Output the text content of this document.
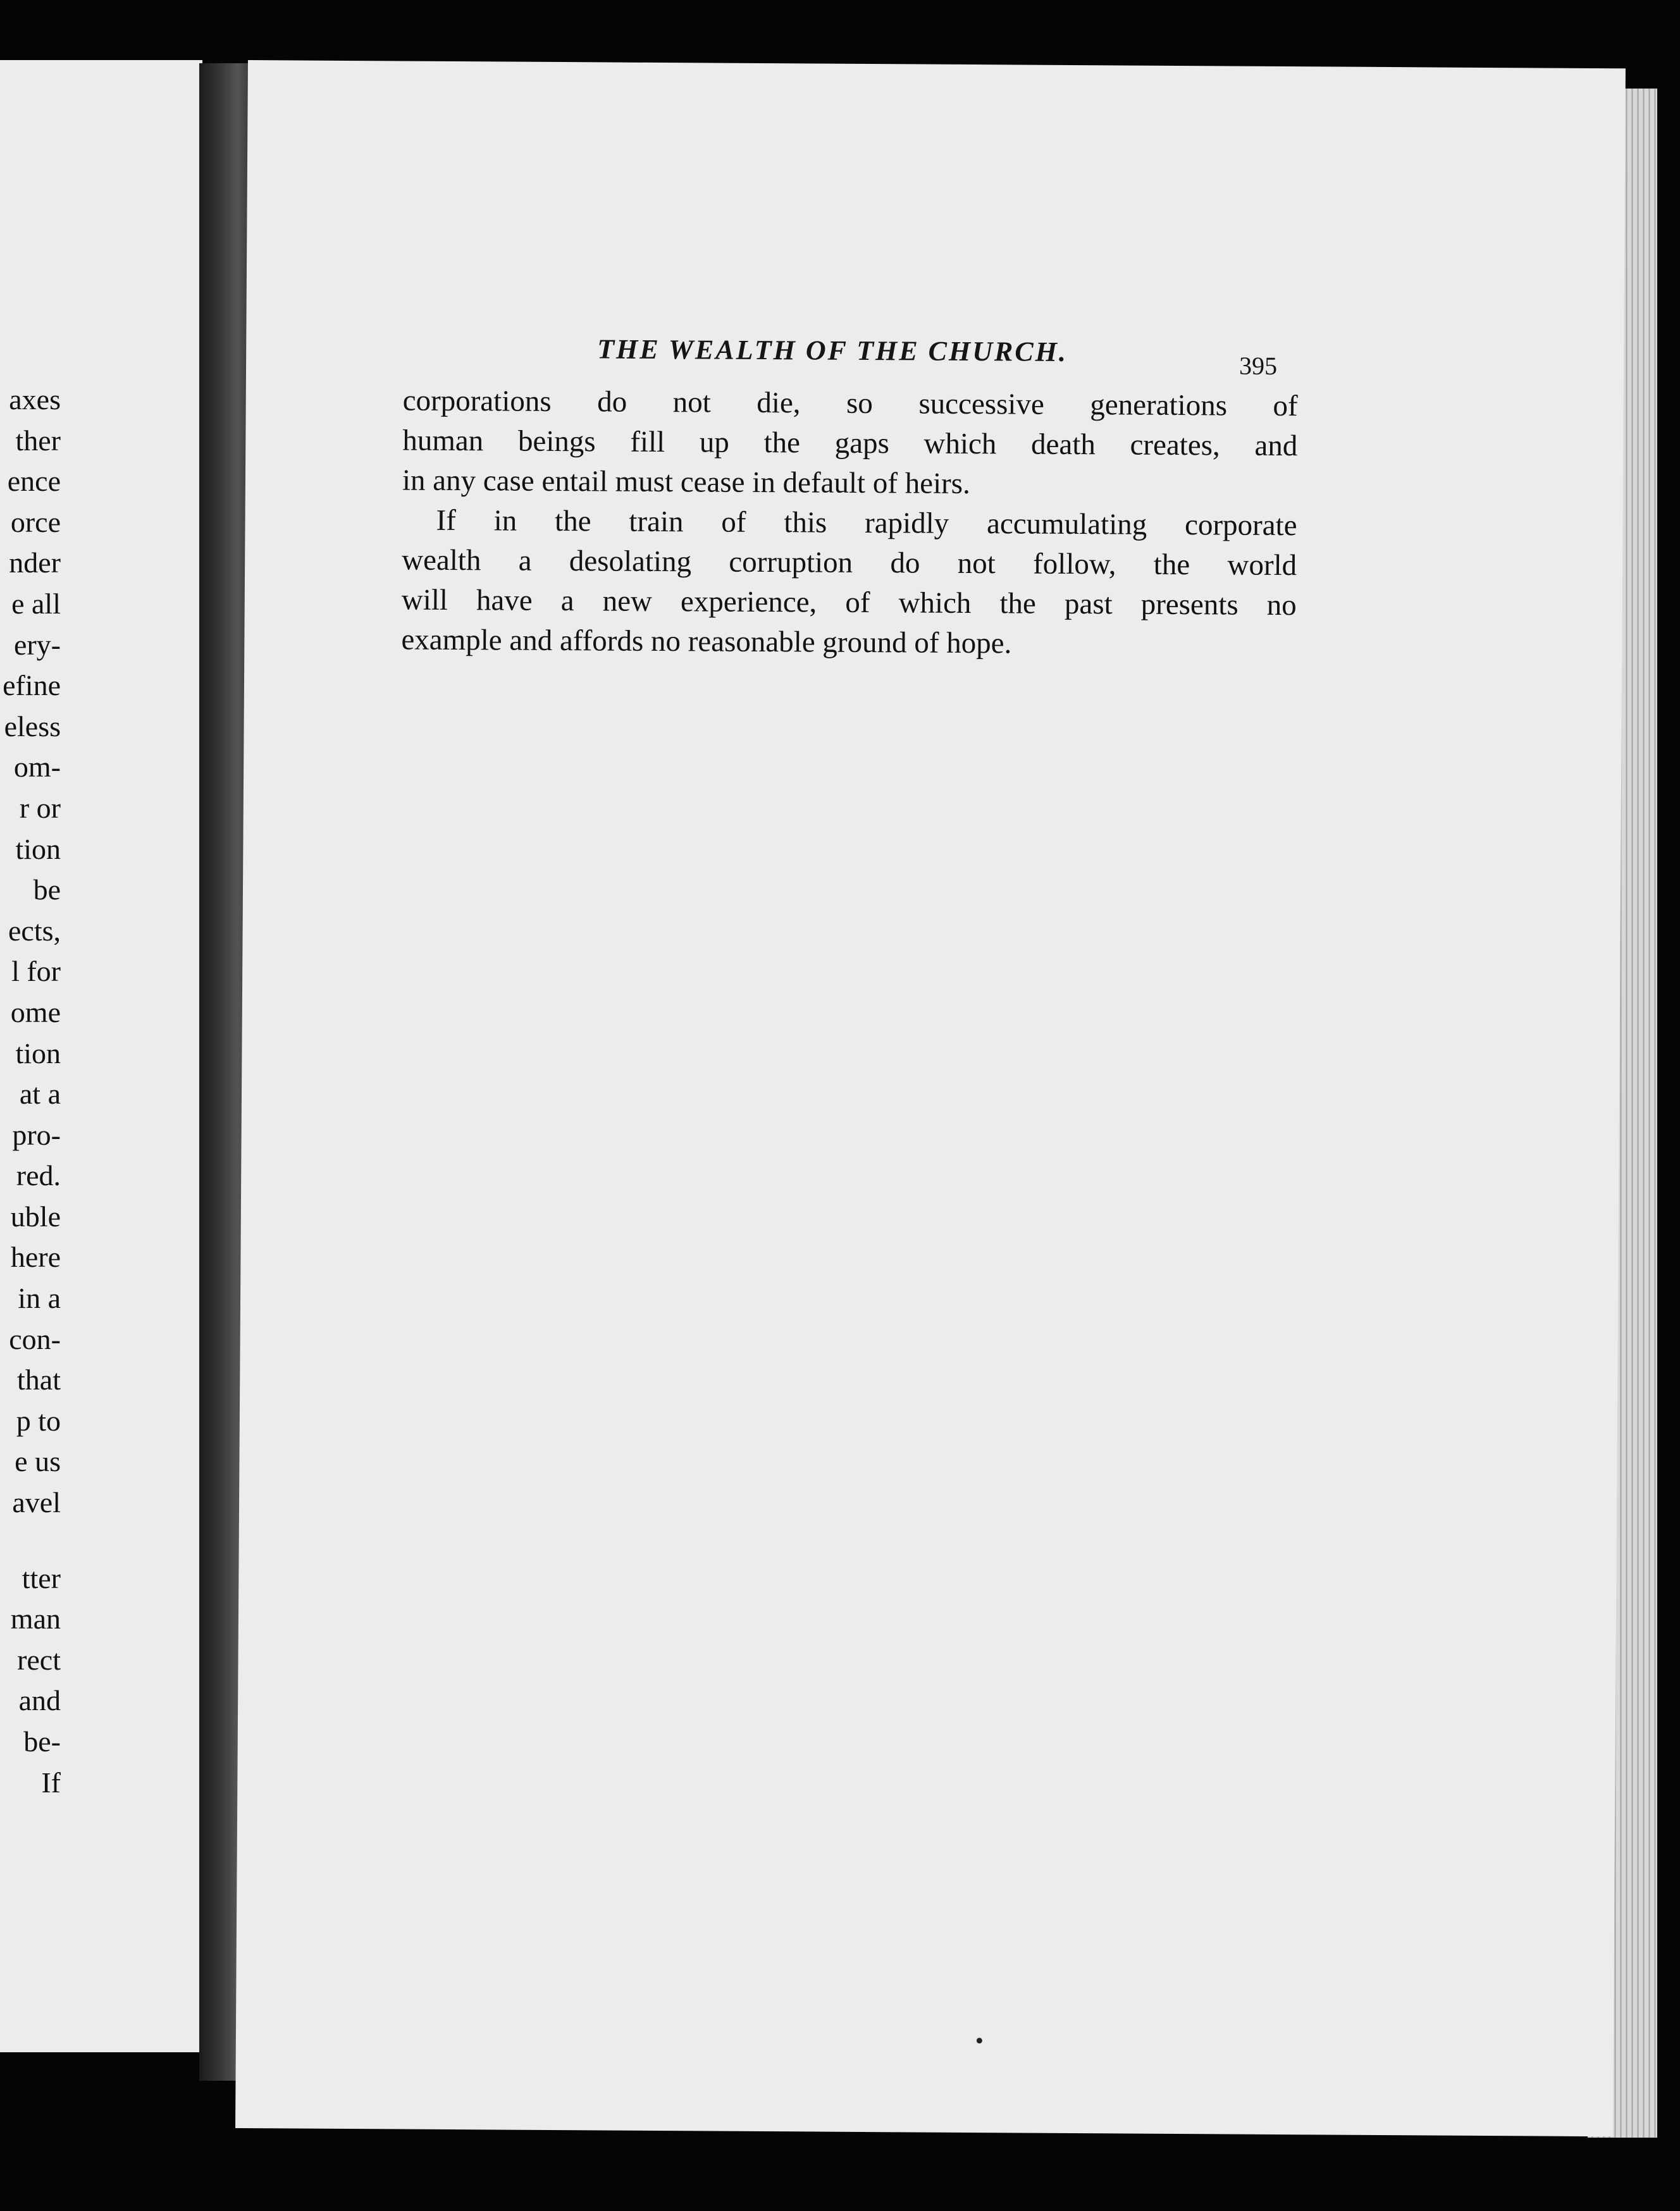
axes
ther
ence
orce
nder
e all
ery-
efine
eless
om-
r or
tion
be
ects,
l for
ome
tion
at a
pro-
red.
uble
here
in a
con-
that
p to
e us
avel
tter
man
rect
and
be-
If
THE WEALTH OF THE CHURCH.	395

corporations do not die, so successive generations of
human beings fill up the gaps which death creates, and
in any case entail must cease in default of heirs.

If in the train of this rapidly accumulating corporate
wealth a desolating corruption do not follow, the world
will have a new experience, of which the past presents no
example and affords no reasonable ground of hope.
